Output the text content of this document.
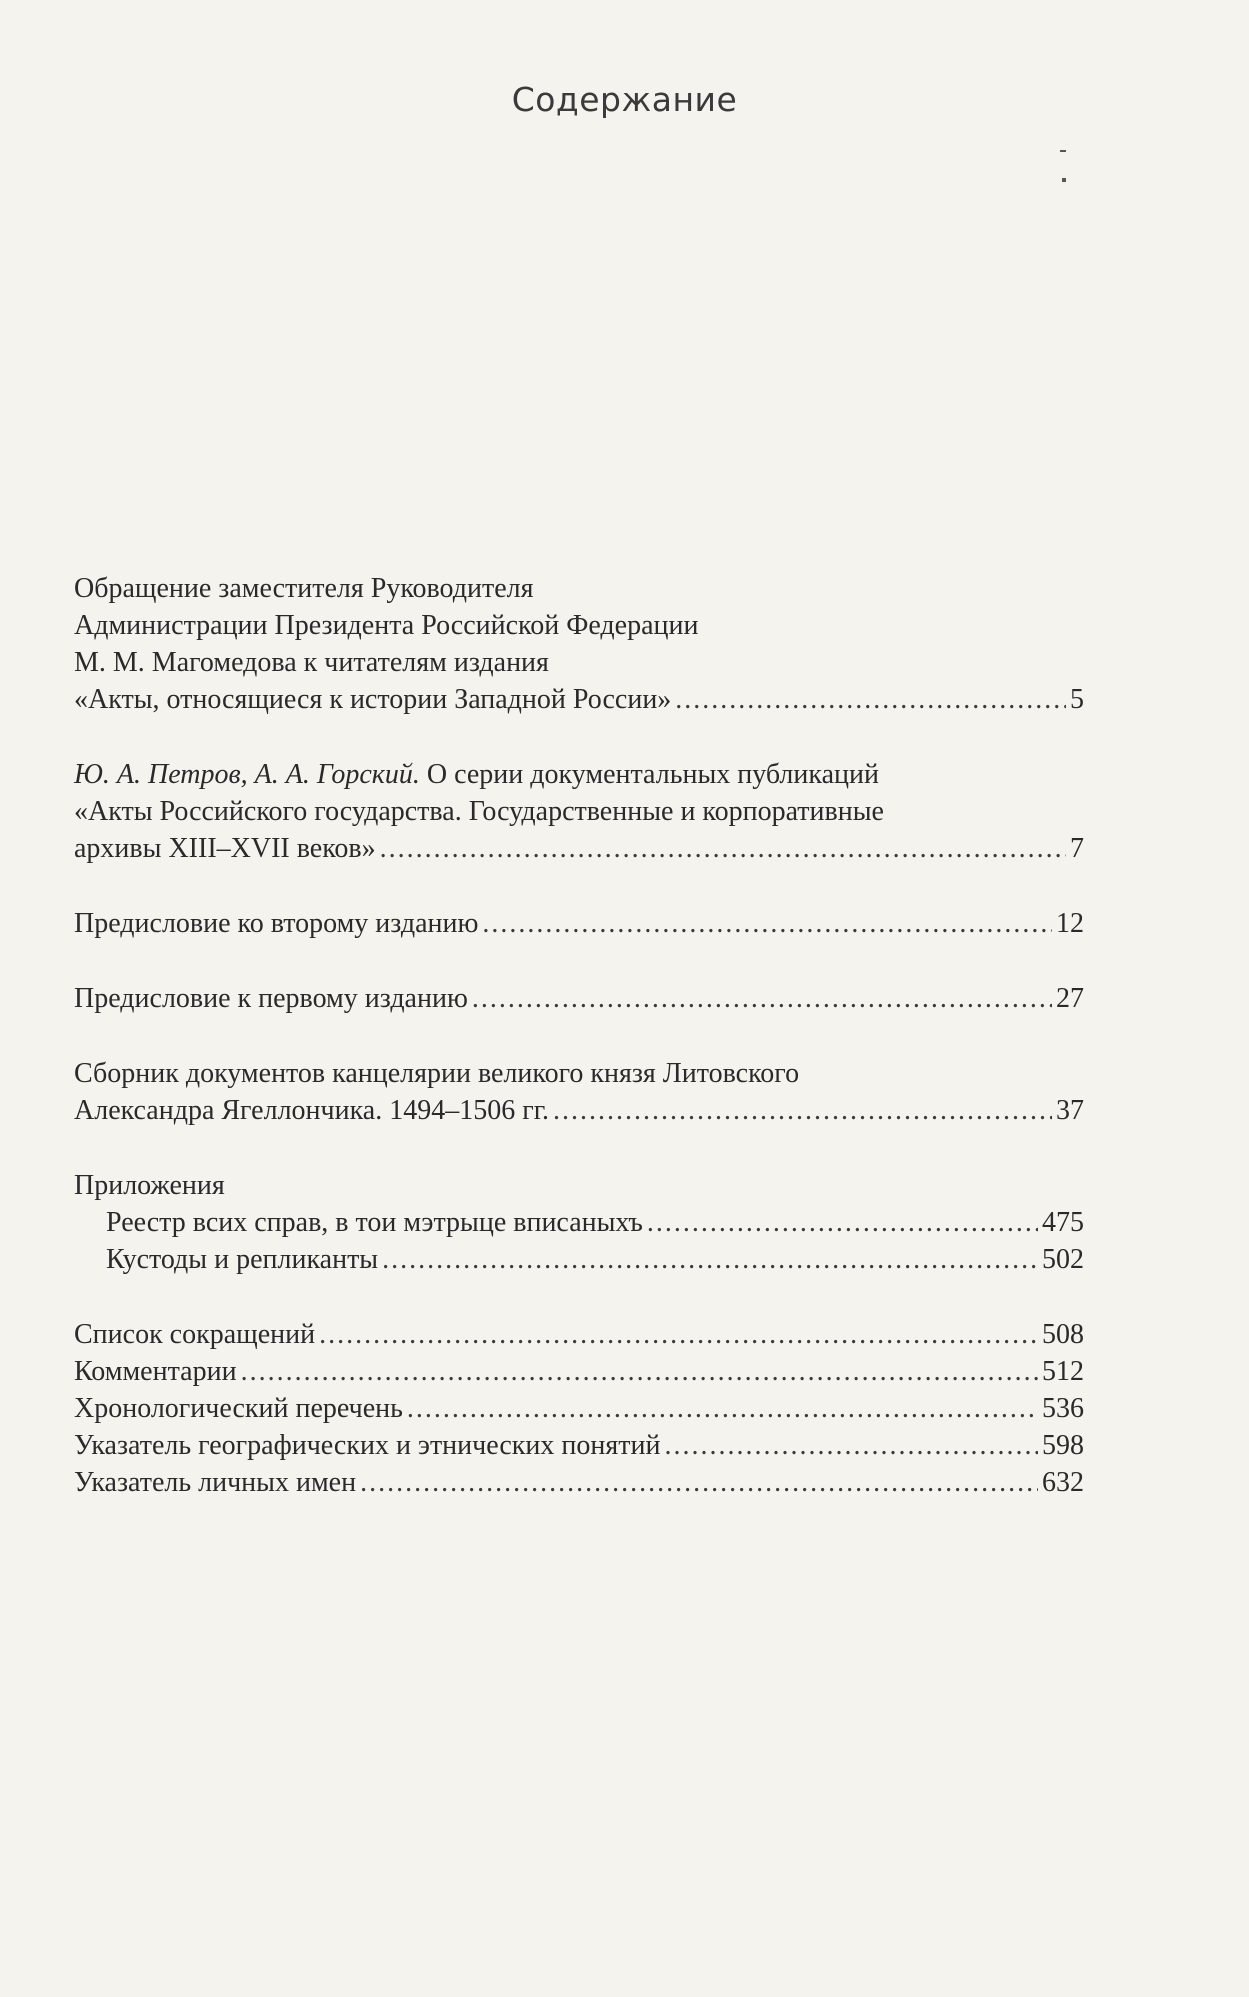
Содержание
Обращение заместителя Руководителя
Администрации Президента Российской Федерации
М. М. Магомедова к читателям издания
«Акты, относящиеся к истории Западной России» .....	5
Ю. А. Петров, А. А. Горский. О серии документальных публикаций
«Акты Российского государства. Государственные и корпоративные
архивы XIII–XVII веков» .....	7
Предисловие ко второму изданию .....	12
Предисловие к первому изданию .....	27
Сборник документов канцелярии великого князя Литовского
Александра Ягеллончика. 1494–1506 гг. .....	37
Приложения
Реестр всих справ, в тои мэтрыце вписаныхъ .....	475
Кустоды и репликанты .....	502
Список сокращений .....	508
Комментарии .....	512
Хронологический перечень .....	536
Указатель географических и этнических понятий .....	598
Указатель личных имен .....	632
